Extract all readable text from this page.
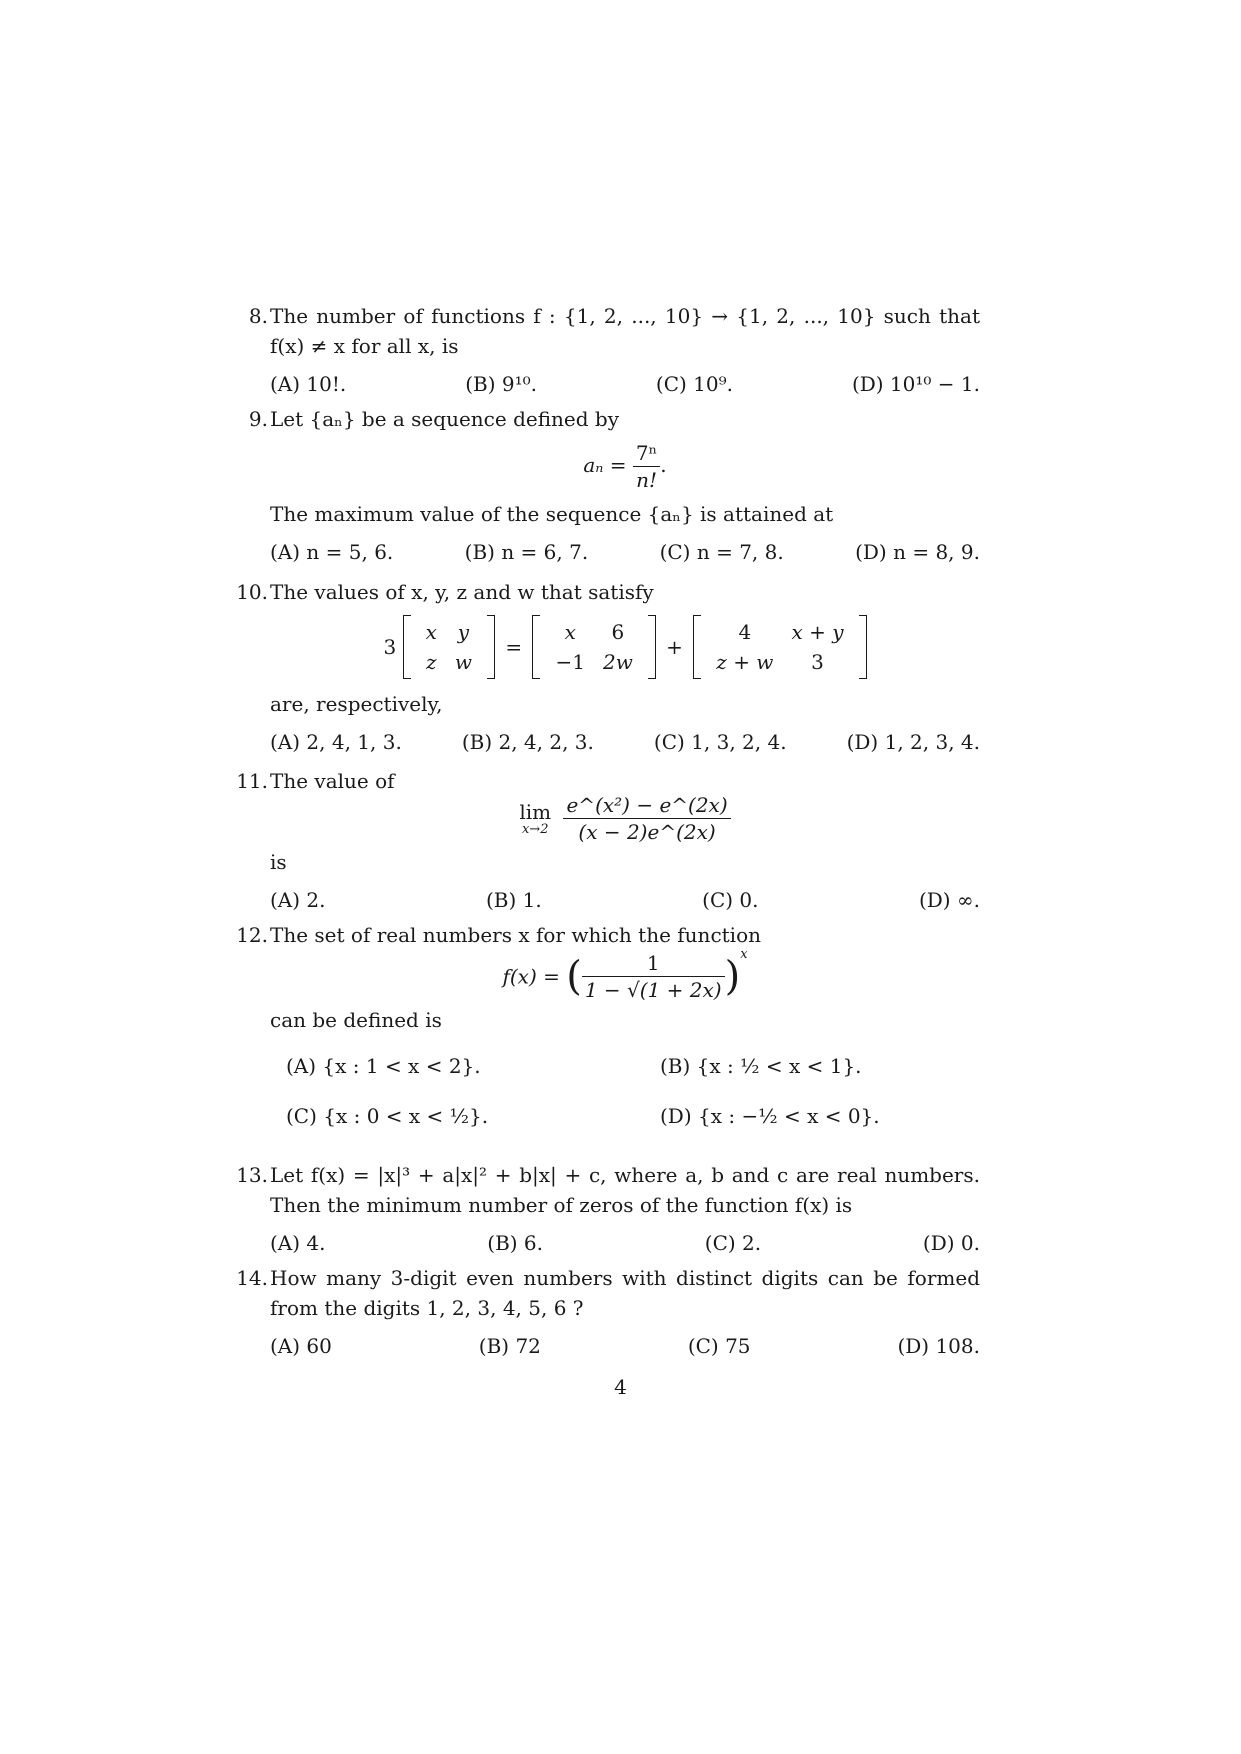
8. The number of functions f : {1, 2, ..., 10} → {1, 2, ..., 10} such that
f(x) ≠ x for all x, is
(A) 10!.	(B) 9¹⁰.	(C) 10⁹.	(D) 10¹⁰ − 1.
9. Let {aₙ} be a sequence defined by
$a_n = \frac{\text{7ⁿ}}{n!}$ .
The maximum value of the sequence {aₙ} is attained at
(A) n = 5, 6.	(B) n = 6, 7.	(C) n = 7, 8.	(D) n = 8, 9.
10. The values of x, y, z and w that satisfy
3
x	y
z	w
=
x	6
−1	2w
+
4	x + y
z + w	3
are, respectively,
(A) 2, 4, 1, 3.	(B) 2, 4, 2, 3.	(C) 1, 3, 2, 4.	(D) 1, 2, 3, 4.
11. The value of
lim
x→2
$\frac{\text{e\textasciicircum{}(x²) − e\textasciicircum{}(2x)}}{(x - 2)e\^{}(2x)}$
is
(A) 2.	(B) 1.	(C) 0.	(D) ∞.
12. The set of real numbers x for which the function
f(x) = ( $\frac{1}{1 - √(1 + 2x)} )^x$
can be defined is
(A) {x : 1 < x < 2}.	(B) {x : ½ < x < 1}.
(C) {x : 0 < x < ½}.	(D) {x : −½ < x < 0}.
13. Let f(x) = |x|³ + a|x|² + b|x| + c, where a, b and c are real numbers.
Then the minimum number of zeros of the function f(x) is
(A) 4.	(B) 6.	(C) 2.	(D) 0.
14. How many 3-digit even numbers with distinct digits can be formed
from the digits 1, 2, 3, 4, 5, 6 ?
(A) 60	(B) 72	(C) 75	(D) 108.
4
